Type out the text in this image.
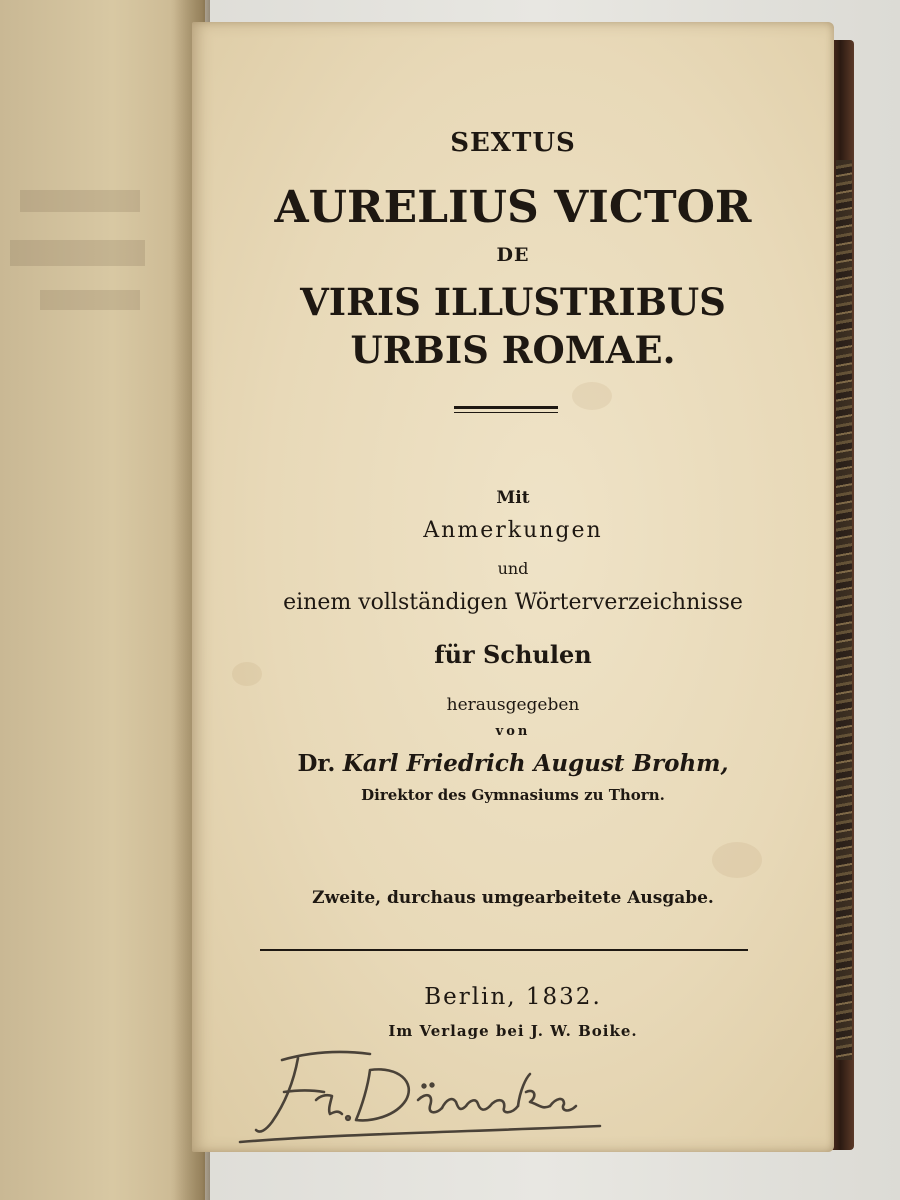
SEXTUS
AURELIUS VICTOR
DE
VIRIS ILLUSTRIBUS
URBIS ROMAE.
Mit
Anmerkungen
und
einem vollständigen Wörterverzeichnisse
für Schulen
herausgegeben
von
Dr. Karl Friedrich August Brohm,
Direktor des Gymnasiums zu Thorn.
Zweite, durchaus umgearbeitete Ausgabe.
Berlin, 1832.
Im Verlage bei J. W. Boike.
